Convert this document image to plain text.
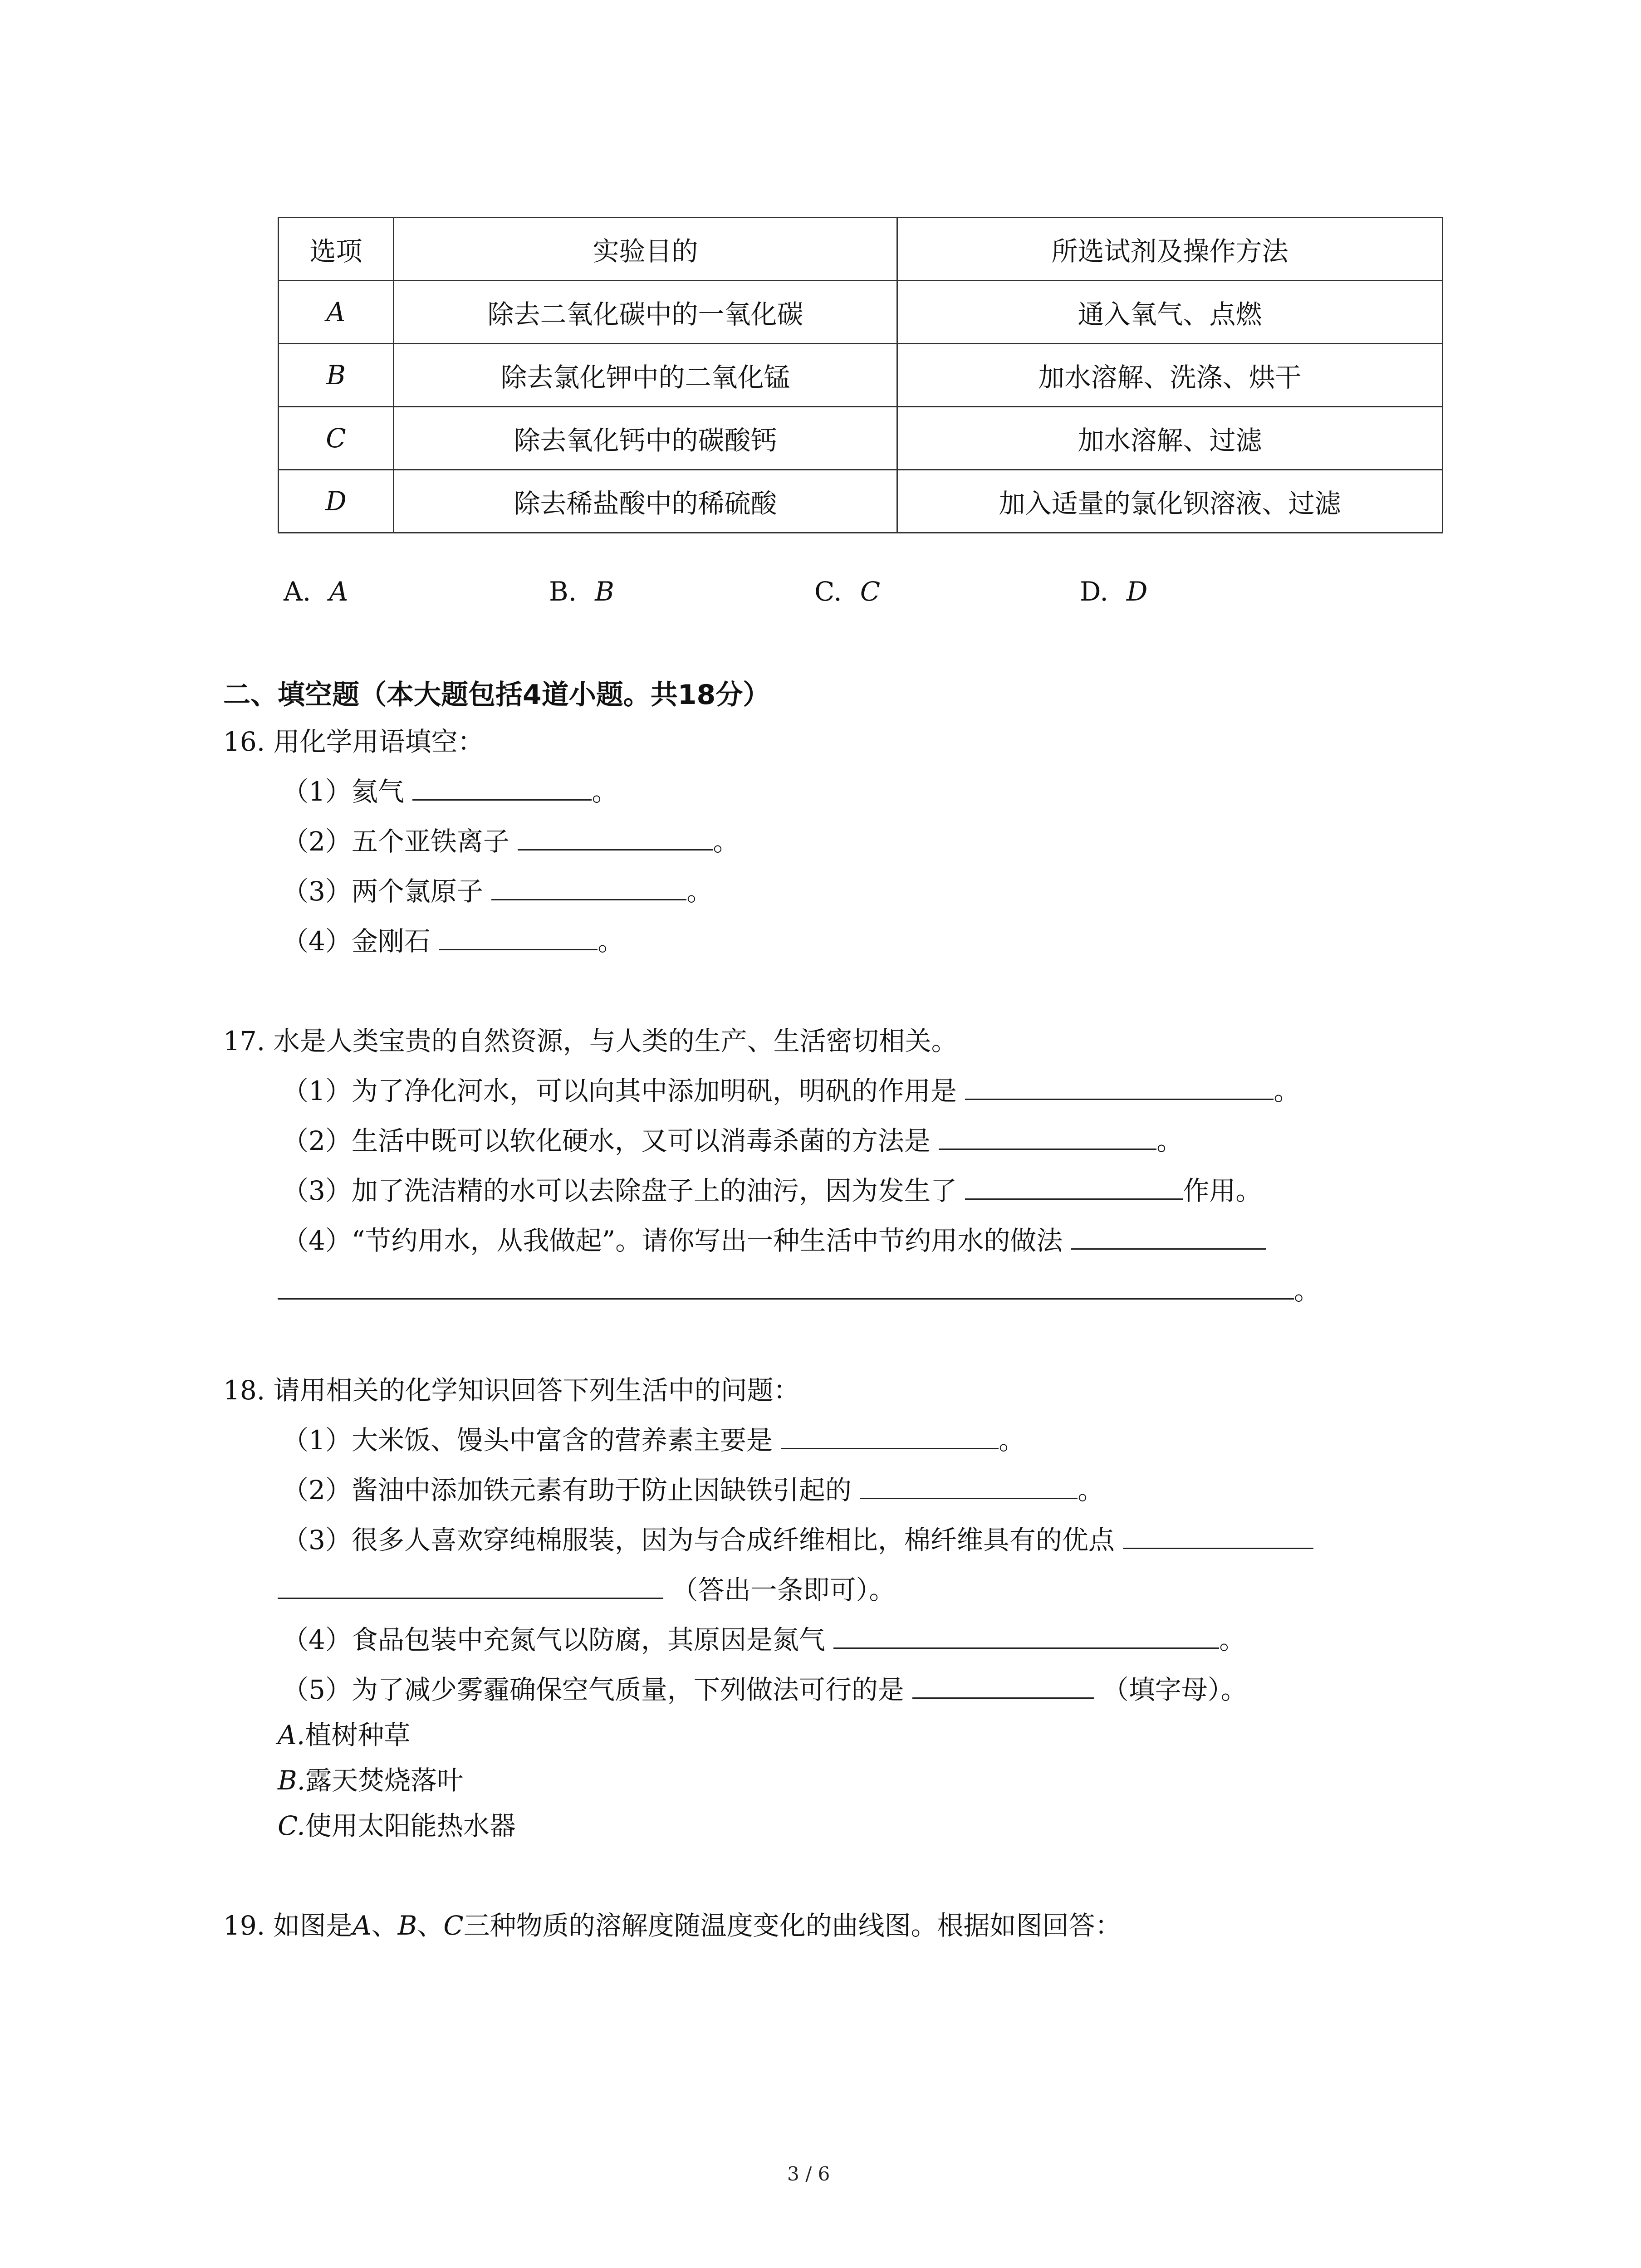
选项	实验目的	所选试剂及操作方法
A	除去二氧化碳中的一氧化碳	通入氧气、点燃
B	除去氯化钾中的二氧化锰	加水溶解、洗涤、烘干
C	除去氧化钙中的碳酸钙	加水溶解、过滤
D	除去稀盐酸中的稀硫酸	加入适量的氯化钡溶液、过滤
A. A	B. B	C. C	D. D
二、填空题（本大题包括4道小题。共18分）
16. 用化学用语填空：
（1）氦气	。
（2）五个亚铁离子	。
（3）两个氯原子	。
（4）金刚石	。
17. 水是人类宝贵的自然资源，与人类的生产、生活密切相关。
（1）为了净化河水，可以向其中添加明矾，明矾的作用是	。
（2）生活中既可以软化硬水，又可以消毒杀菌的方法是	。
（3）加了洗洁精的水可以去除盘子上的油污，因为发生了	作用。
（4）“节约用水，从我做起”。请你写出一种生活中节约用水的做法
。
18. 请用相关的化学知识回答下列生活中的问题：
（1）大米饭、馒头中富含的营养素主要是	。
（2）酱油中添加铁元素有助于防止因缺铁引起的	。
（3）很多人喜欢穿纯棉服装，因为与合成纤维相比，棉纤维具有的优点
（答出一条即可）。
（4）食品包装中充氮气以防腐，其原因是氮气	。
（5）为了减少雾霾确保空气质量，下列做法可行的是	（填字母）。
A.植树种草
B.露天焚烧落叶
C.使用太阳能热水器
19. 如图是A、B、C三种物质的溶解度随温度变化的曲线图。根据如图回答：
3 / 6
